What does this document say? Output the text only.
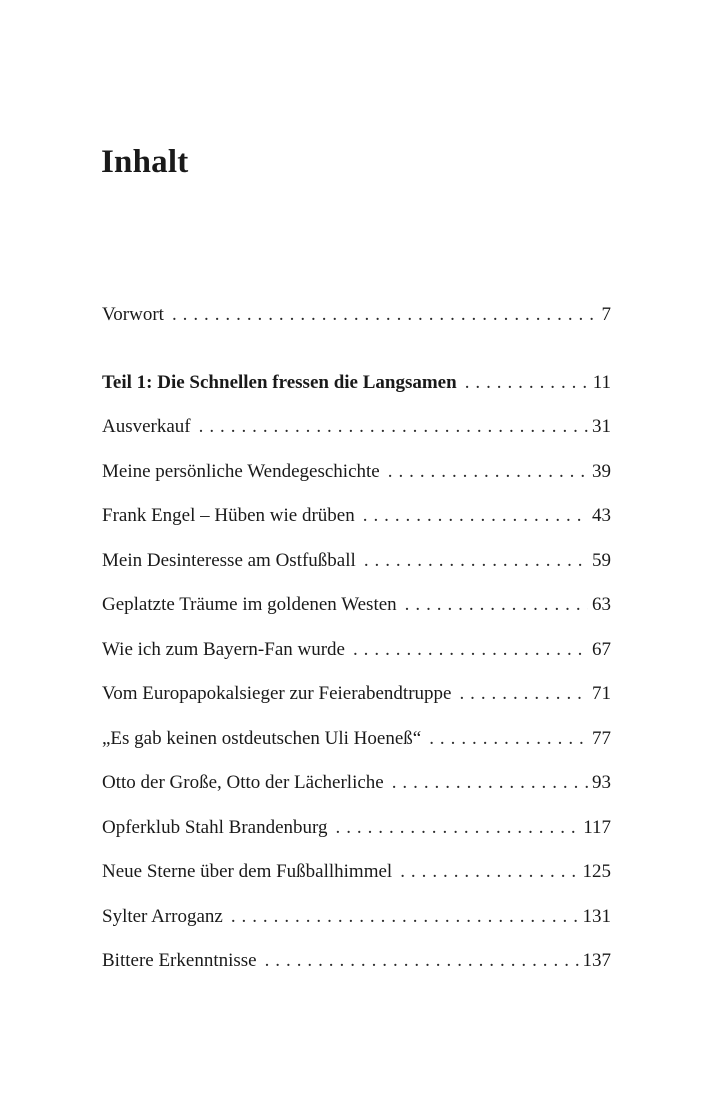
Inhalt
Vorwort . . .	7
Teil 1: Die Schnellen fressen die Langsamen . . .	11
Ausverkauf . . .	31
Meine persönliche Wendegeschichte . . .	39
Frank Engel – Hüben wie drüben . . .	43
Mein Desinteresse am Ostfußball . . .	59
Geplatzte Träume im goldenen Westen . . .	63
Wie ich zum Bayern-Fan wurde . . .	67
Vom Europapokalsieger zur Feierabendtruppe . . .	71
„Es gab keinen ostdeutschen Uli Hoeneß“ . . .	77
Otto der Große, Otto der Lächerliche . . .	93
Opferklub Stahl Brandenburg . . .	117
Neue Sterne über dem Fußballhimmel . . .	125
Sylter Arroganz . . .	131
Bittere Erkenntnisse . . .	137
